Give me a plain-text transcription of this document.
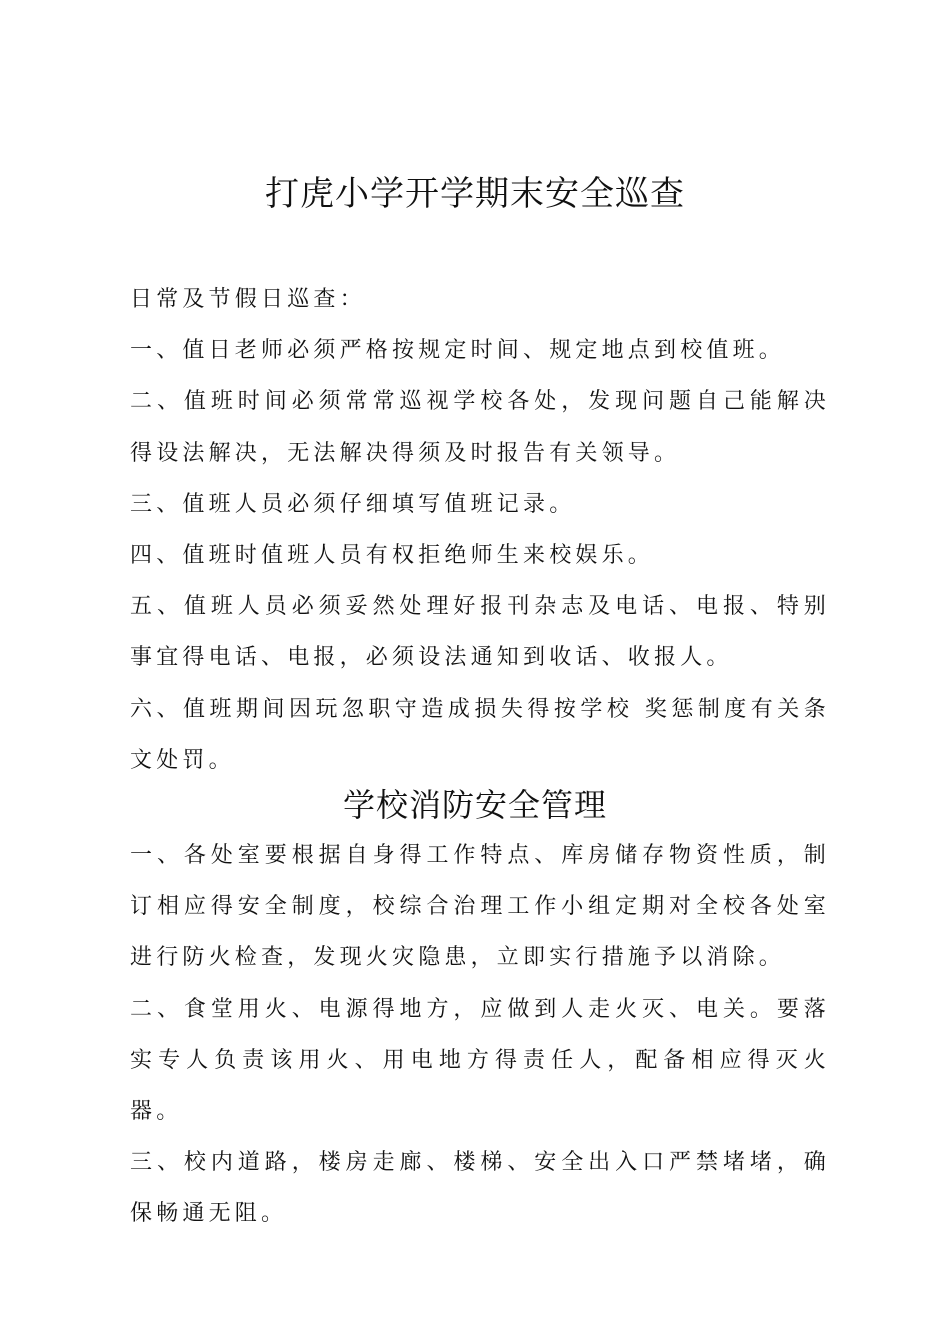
打虎小学开学期末安全巡查

日常及节假日巡查：

一、值日老师必须严格按规定时间、规定地点到校值班。

二、值班时间必须常常巡视学校各处，发现问题自己能解决得设法解决，无法解决得须及时报告有关领导。

三、值班人员必须仔细填写值班记录。

四、值班时值班人员有权拒绝师生来校娱乐。

五、值班人员必须妥然处理好报刊杂志及电话、电报、特别事宜得电话、电报，必须设法通知到收话、收报人。

六、值班期间因玩忽职守造成损失得按学校 奖惩制度有关条文处罚。

学校消防安全管理

一、各处室要根据自身得工作特点、库房储存物资性质，制订相应得安全制度，校综合治理工作小组定期对全校各处室进行防火检查，发现火灾隐患，立即实行措施予以消除。

二、食堂用火、电源得地方，应做到人走火灭、电关。要落实专人负责该用火、用电地方得责任人，配备相应得灭火器。

三、校内道路，楼房走廊、楼梯、安全出入口严禁堵堵，确保畅通无阻。
